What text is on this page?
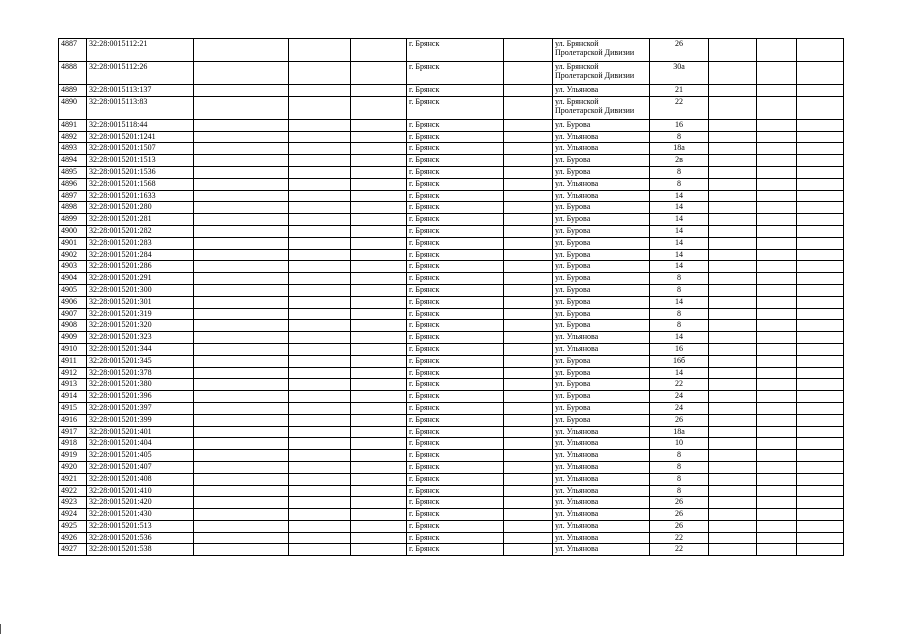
4887	32:28:0015112:21				г. Брянск		ул. Брянской Пролетарской Дивизии	26			
4888	32:28:0015112:26				г. Брянск		ул. Брянской Пролетарской Дивизии	30а			
4889	32:28:0015113:137				г. Брянск		ул. Ульянова	21			
4890	32:28:0015113:83				г. Брянск		ул. Брянской Пролетарской Дивизии	22			
4891	32:28:0015118:44				г. Брянск		ул. Бурова	16			
4892	32:28:0015201:1241				г. Брянск		ул. Ульянова	8			
4893	32:28:0015201:1507				г. Брянск		ул. Ульянова	18а			
4894	32:28:0015201:1513				г. Брянск		ул. Бурова	2в			
4895	32:28:0015201:1536				г. Брянск		ул. Бурова	8			
4896	32:28:0015201:1568				г. Брянск		ул. Ульянова	8			
4897	32:28:0015201:1633				г. Брянск		ул. Ульянова	14			
4898	32:28:0015201:280				г. Брянск		ул. Бурова	14			
4899	32:28:0015201:281				г. Брянск		ул. Бурова	14			
4900	32:28:0015201:282				г. Брянск		ул. Бурова	14			
4901	32:28:0015201:283				г. Брянск		ул. Бурова	14			
4902	32:28:0015201:284				г. Брянск		ул. Бурова	14			
4903	32:28:0015201:286				г. Брянск		ул. Бурова	14			
4904	32:28:0015201:291				г. Брянск		ул. Бурова	8			
4905	32:28:0015201:300				г. Брянск		ул. Бурова	8			
4906	32:28:0015201:301				г. Брянск		ул. Бурова	14			
4907	32:28:0015201:319				г. Брянск		ул. Бурова	8			
4908	32:28:0015201:320				г. Брянск		ул. Бурова	8			
4909	32:28:0015201:323				г. Брянск		ул. Ульянова	14			
4910	32:28:0015201:344				г. Брянск		ул. Ульянова	16			
4911	32:28:0015201:345				г. Брянск		ул. Бурова	16б			
4912	32:28:0015201:378				г. Брянск		ул. Бурова	14			
4913	32:28:0015201:380				г. Брянск		ул. Бурова	22			
4914	32:28:0015201:396				г. Брянск		ул. Бурова	24			
4915	32:28:0015201:397				г. Брянск		ул. Бурова	24			
4916	32:28:0015201:399				г. Брянск		ул. Бурова	26			
4917	32:28:0015201:401				г. Брянск		ул. Ульянова	18а			
4918	32:28:0015201:404				г. Брянск		ул. Ульянова	10			
4919	32:28:0015201:405				г. Брянск		ул. Ульянова	8			
4920	32:28:0015201:407				г. Брянск		ул. Ульянова	8			
4921	32:28:0015201:408				г. Брянск		ул. Ульянова	8			
4922	32:28:0015201:410				г. Брянск		ул. Ульянова	8			
4923	32:28:0015201:420				г. Брянск		ул. Ульянова	26			
4924	32:28:0015201:430				г. Брянск		ул. Ульянова	26			
4925	32:28:0015201:513				г. Брянск		ул. Ульянова	26			
4926	32:28:0015201:536				г. Брянск		ул. Ульянова	22			
4927	32:28:0015201:538				г. Брянск		ул. Ульянова	22			
